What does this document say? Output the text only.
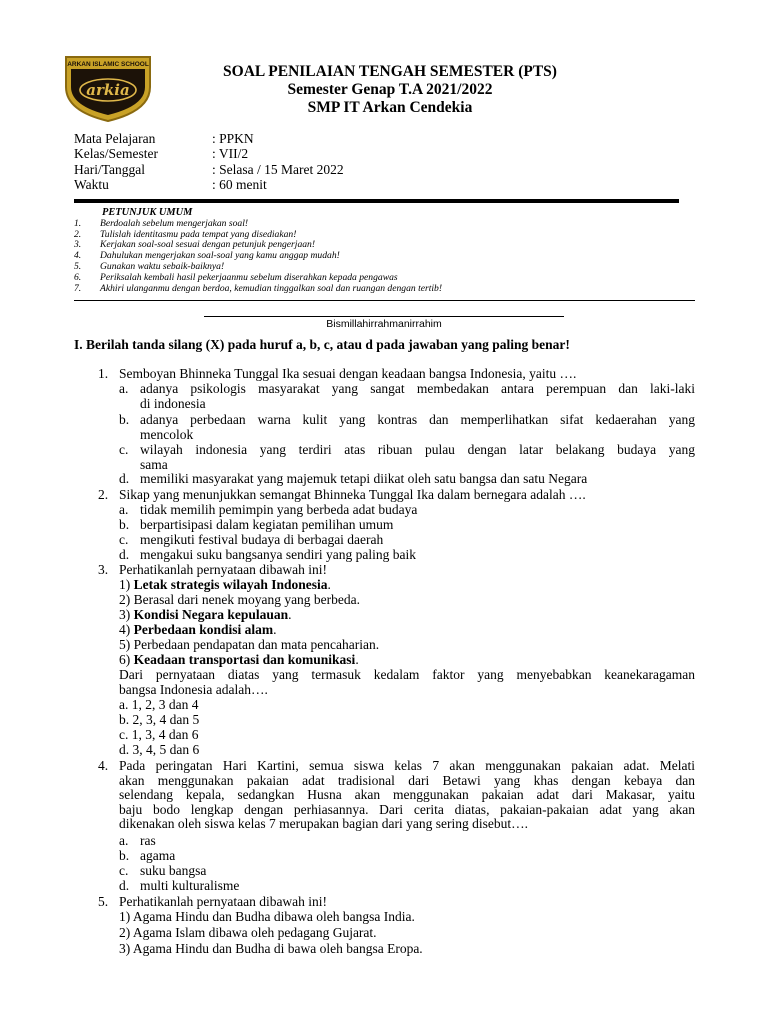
ARKAN ISLAMIC SCHOOL
arkia
SOAL PENILAIAN TENGAH SEMESTER (PTS)
Semester Genap T.A 2021/2022
SMP IT Arkan Cendekia
Mata Pelajaran	: PPKN
Kelas/Semester	: VII/2
Hari/Tanggal	: Selasa / 15 Maret 2022
Waktu	: 60 menit
PETUNJUK UMUM
1.	Berdoalah sebelum mengerjakan soal!
2.	Tulislah identitasmu pada tempat yang disediakan!
3.	Kerjakan soal-soal sesuai dengan petunjuk pengerjaan!
4.	Dahulukan mengerjakan soal-soal yang kamu anggap mudah!
5.	Gunakan waktu sebaik-baiknya!
6.	Periksalah kembali hasil pekerjaanmu sebelum diserahkan kepada pengawas
7.	Akhiri ulanganmu dengan berdoa, kemudian tinggalkan soal dan ruangan dengan tertib!
Bismillahirrahmanirrahim
I. Berilah tanda silang (X) pada huruf a, b, c, atau d pada jawaban yang paling benar!
1. Semboyan Bhinneka Tunggal Ika sesuai dengan keadaan bangsa Indonesia, yaitu ….
a. adanya psikologis masyarakat yang sangat membedakan antara perempuan dan laki-laki
di indonesia
b. adanya perbedaan warna kulit yang kontras dan memperlihatkan sifat kedaerahan yang
mencolok
c. wilayah indonesia yang terdiri atas ribuan pulau dengan latar belakang budaya yang
sama
d. memiliki masyarakat yang majemuk tetapi diikat oleh satu bangsa dan satu Negara
2. Sikap yang menunjukkan semangat Bhinneka Tunggal Ika dalam bernegara adalah ….
a. tidak memilih pemimpin yang berbeda adat budaya
b. berpartisipasi dalam kegiatan pemilihan umum
c. mengikuti festival budaya di berbagai daerah
d. mengakui suku bangsanya sendiri yang paling baik
3. Perhatikanlah pernyataan dibawah ini!
1) Letak strategis wilayah Indonesia.
2) Berasal dari nenek moyang yang berbeda.
3) Kondisi Negara kepulauan.
4) Perbedaan kondisi alam.
5) Perbedaan pendapatan dan mata pencaharian.
6) Keadaan transportasi dan komunikasi.
Dari pernyataan diatas yang termasuk kedalam faktor yang menyebabkan keanekaragaman
bangsa Indonesia adalah….
a. 1, 2, 3 dan 4
b. 2, 3, 4 dan 5
c. 1, 3, 4 dan 6
d. 3, 4, 5 dan 6
4. Pada peringatan Hari Kartini, semua siswa kelas 7 akan menggunakan pakaian adat. Melati
akan menggunakan pakaian adat tradisional dari Betawi yang khas dengan kebaya dan
selendang kepala, sedangkan Husna akan menggunakan pakaian adat dari Makasar, yaitu
baju bodo lengkap dengan perhiasannya. Dari cerita diatas, pakaian-pakaian adat yang akan
dikenakan oleh siswa kelas 7 merupakan bagian dari yang sering disebut….
a. ras
b. agama
c. suku bangsa
d. multi kulturalisme
5. Perhatikanlah pernyataan dibawah ini!
1) Agama Hindu dan Budha dibawa oleh bangsa India.
2) Agama Islam dibawa oleh pedagang Gujarat.
3) Agama Hindu dan Budha di bawa oleh bangsa Eropa.
